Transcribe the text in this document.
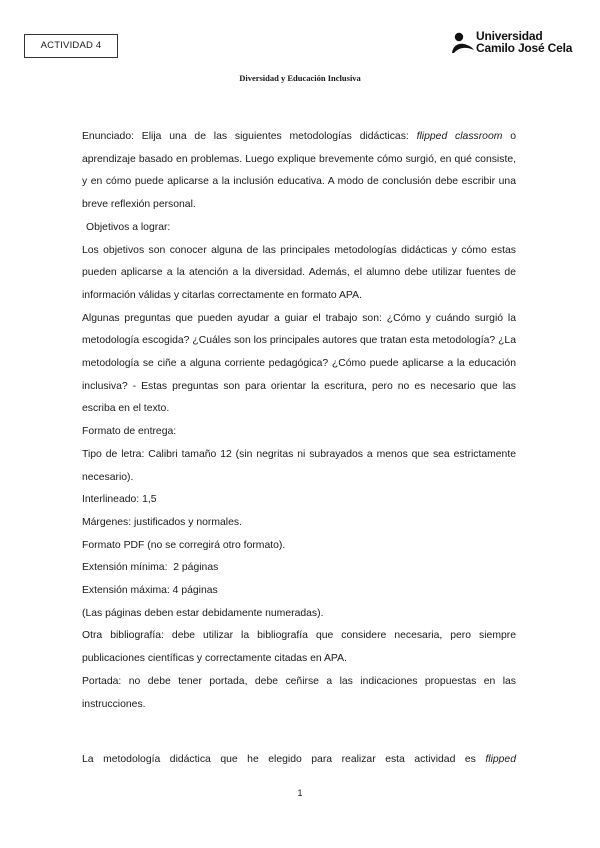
ACTIVIDAD 4
Universidad
Camilo José Cela
Diversidad y Educación Inclusiva

Enunciado: Elija una de las siguientes metodologías didácticas: flipped classroom o aprendizaje basado en problemas. Luego explique brevemente cómo surgió, en qué consiste, y en cómo puede aplicarse a la inclusión educativa. A modo de conclusión debe escribir una breve reflexión personal.

Objetivos a lograr:

Los objetivos son conocer alguna de las principales metodologías didácticas y cómo estas pueden aplicarse a la atención a la diversidad. Además, el alumno debe utilizar fuentes de información válidas y citarlas correctamente en formato APA.

Algunas preguntas que pueden ayudar a guiar el trabajo son: ¿Cómo y cuándo surgió la metodología escogida? ¿Cuáles son los principales autores que tratan esta metodología? ¿La metodología se ciñe a alguna corriente pedagógica? ¿Cómo puede aplicarse a la educación inclusiva? - Estas preguntas son para orientar la escritura, pero no es necesario que las escriba en el texto.

Formato de entrega:

Tipo de letra: Calibri tamaño 12 (sin negritas ni subrayados a menos que sea estrictamente necesario).

Interlineado: 1,5

Márgenes: justificados y normales.

Formato PDF (no se corregirá otro formato).

Extensión mínima:  2 páginas

Extensión máxima: 4 páginas

(Las páginas deben estar debidamente numeradas).

Otra bibliografía: debe utilizar la bibliografía que considere necesaria, pero siempre publicaciones científicas y correctamente citadas en APA.

Portada: no debe tener portada, debe ceñirse a las indicaciones propuestas en las instrucciones.

La metodología didáctica que he elegido para realizar esta actividad es flipped
1
